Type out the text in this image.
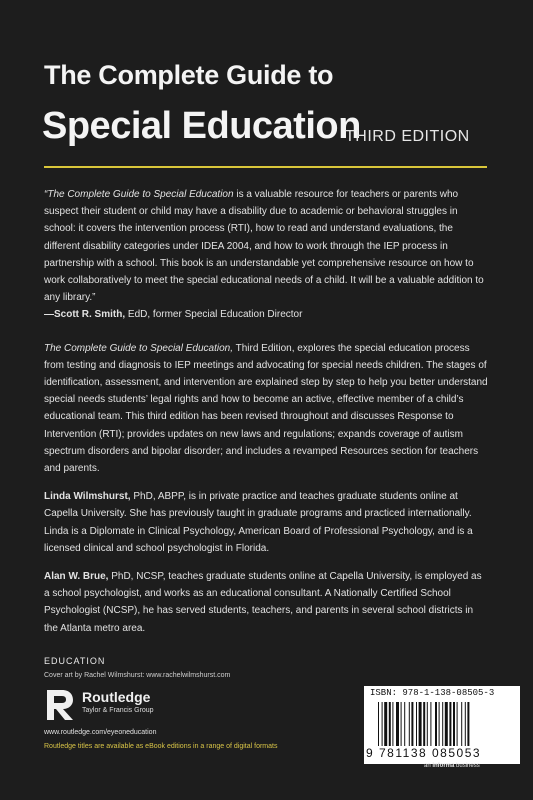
The Complete Guide to
Special Education
THIRD EDITION

“The Complete Guide to Special Education is a valuable resource for teachers or parents who suspect their student or child may have a disability due to academic or behavioral struggles in school: it covers the intervention process (RTI), how to read and understand evaluations, the different disability categories under IDEA 2004, and how to work through the IEP process in partnership with a school. This book is an understandable yet comprehensive resource on how to work collaboratively to meet the special educational needs of a child. It will be a valuable addition to any library.”

—Scott R. Smith, EdD, former Special Education Director

The Complete Guide to Special Education, Third Edition, explores the special education process from testing and diagnosis to IEP meetings and advocating for special needs children. The stages of identification, assessment, and intervention are explained step by step to help you better understand special needs students’ legal rights and how to become an active, effective member of a child’s educational team. This third edition has been revised throughout and discusses Response to Intervention (RTI); provides updates on new laws and regulations; expands coverage of autism spectrum disorders and bipolar disorder; and includes a revamped Resources section for teachers and parents.

Linda Wilmshurst, PhD, ABPP, is in private practice and teaches graduate students online at Capella University. She has previously taught in graduate programs and practiced internationally. Linda is a Diplomate in Clinical Psychology, American Board of Professional Psychology, and is a licensed clinical and school psychologist in Florida.

Alan W. Brue, PhD, NCSP, teaches graduate students online at Capella University, is employed as a school psychologist, and works as an educational consultant. A Nationally Certified School Psychologist (NCSP), he has served students, teachers, and parents in several school districts in the Atlanta metro area.

EDUCATION
Cover art by Rachel Wilmshurst: www.rachelwilmshurst.com
Routledge
Taylor & Francis Group
www.routledge.com/eyeoneducation
Routledge titles are available as eBook editions in a range of digital formats
ISBN: 978-1-138-08505-3
9 781138 085053
an informa business
